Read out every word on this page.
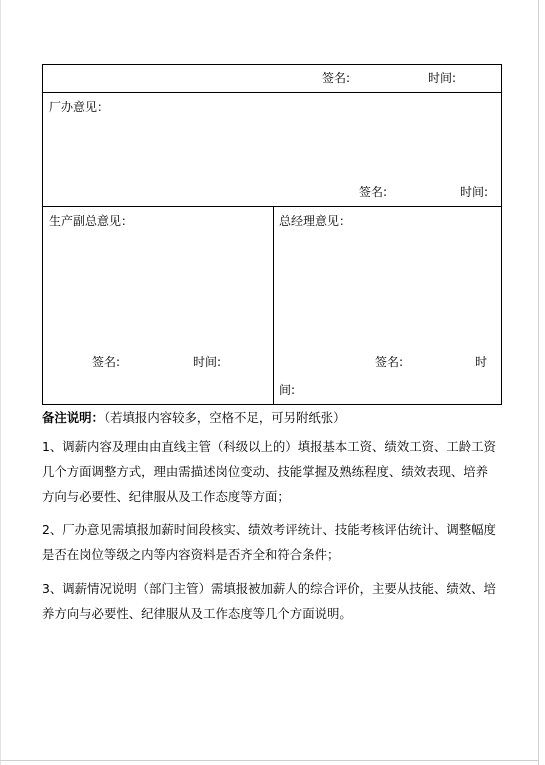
签名:	时间:
厂办意见：
签名:	时间:
生产副总意见：
签名:	时间:
总经理意见：
签名:	时
间:
备注说明：（若填报内容较多，空格不足，可另附纸张）
1、调薪内容及理由由直线主管（科级以上的）填报基本工资、绩效工资、工龄工资
几个方面调整方式，理由需描述岗位变动、技能掌握及熟练程度、绩效表现、培养
方向与必要性、纪律服从及工作态度等方面；
2、厂办意见需填报加薪时间段核实、绩效考评统计、技能考核评估统计、调整幅度
是否在岗位等级之内等内容资料是否齐全和符合条件；
3、调薪情况说明（部门主管）需填报被加薪人的综合评价，主要从技能、绩效、培
养方向与必要性、纪律服从及工作态度等几个方面说明。
